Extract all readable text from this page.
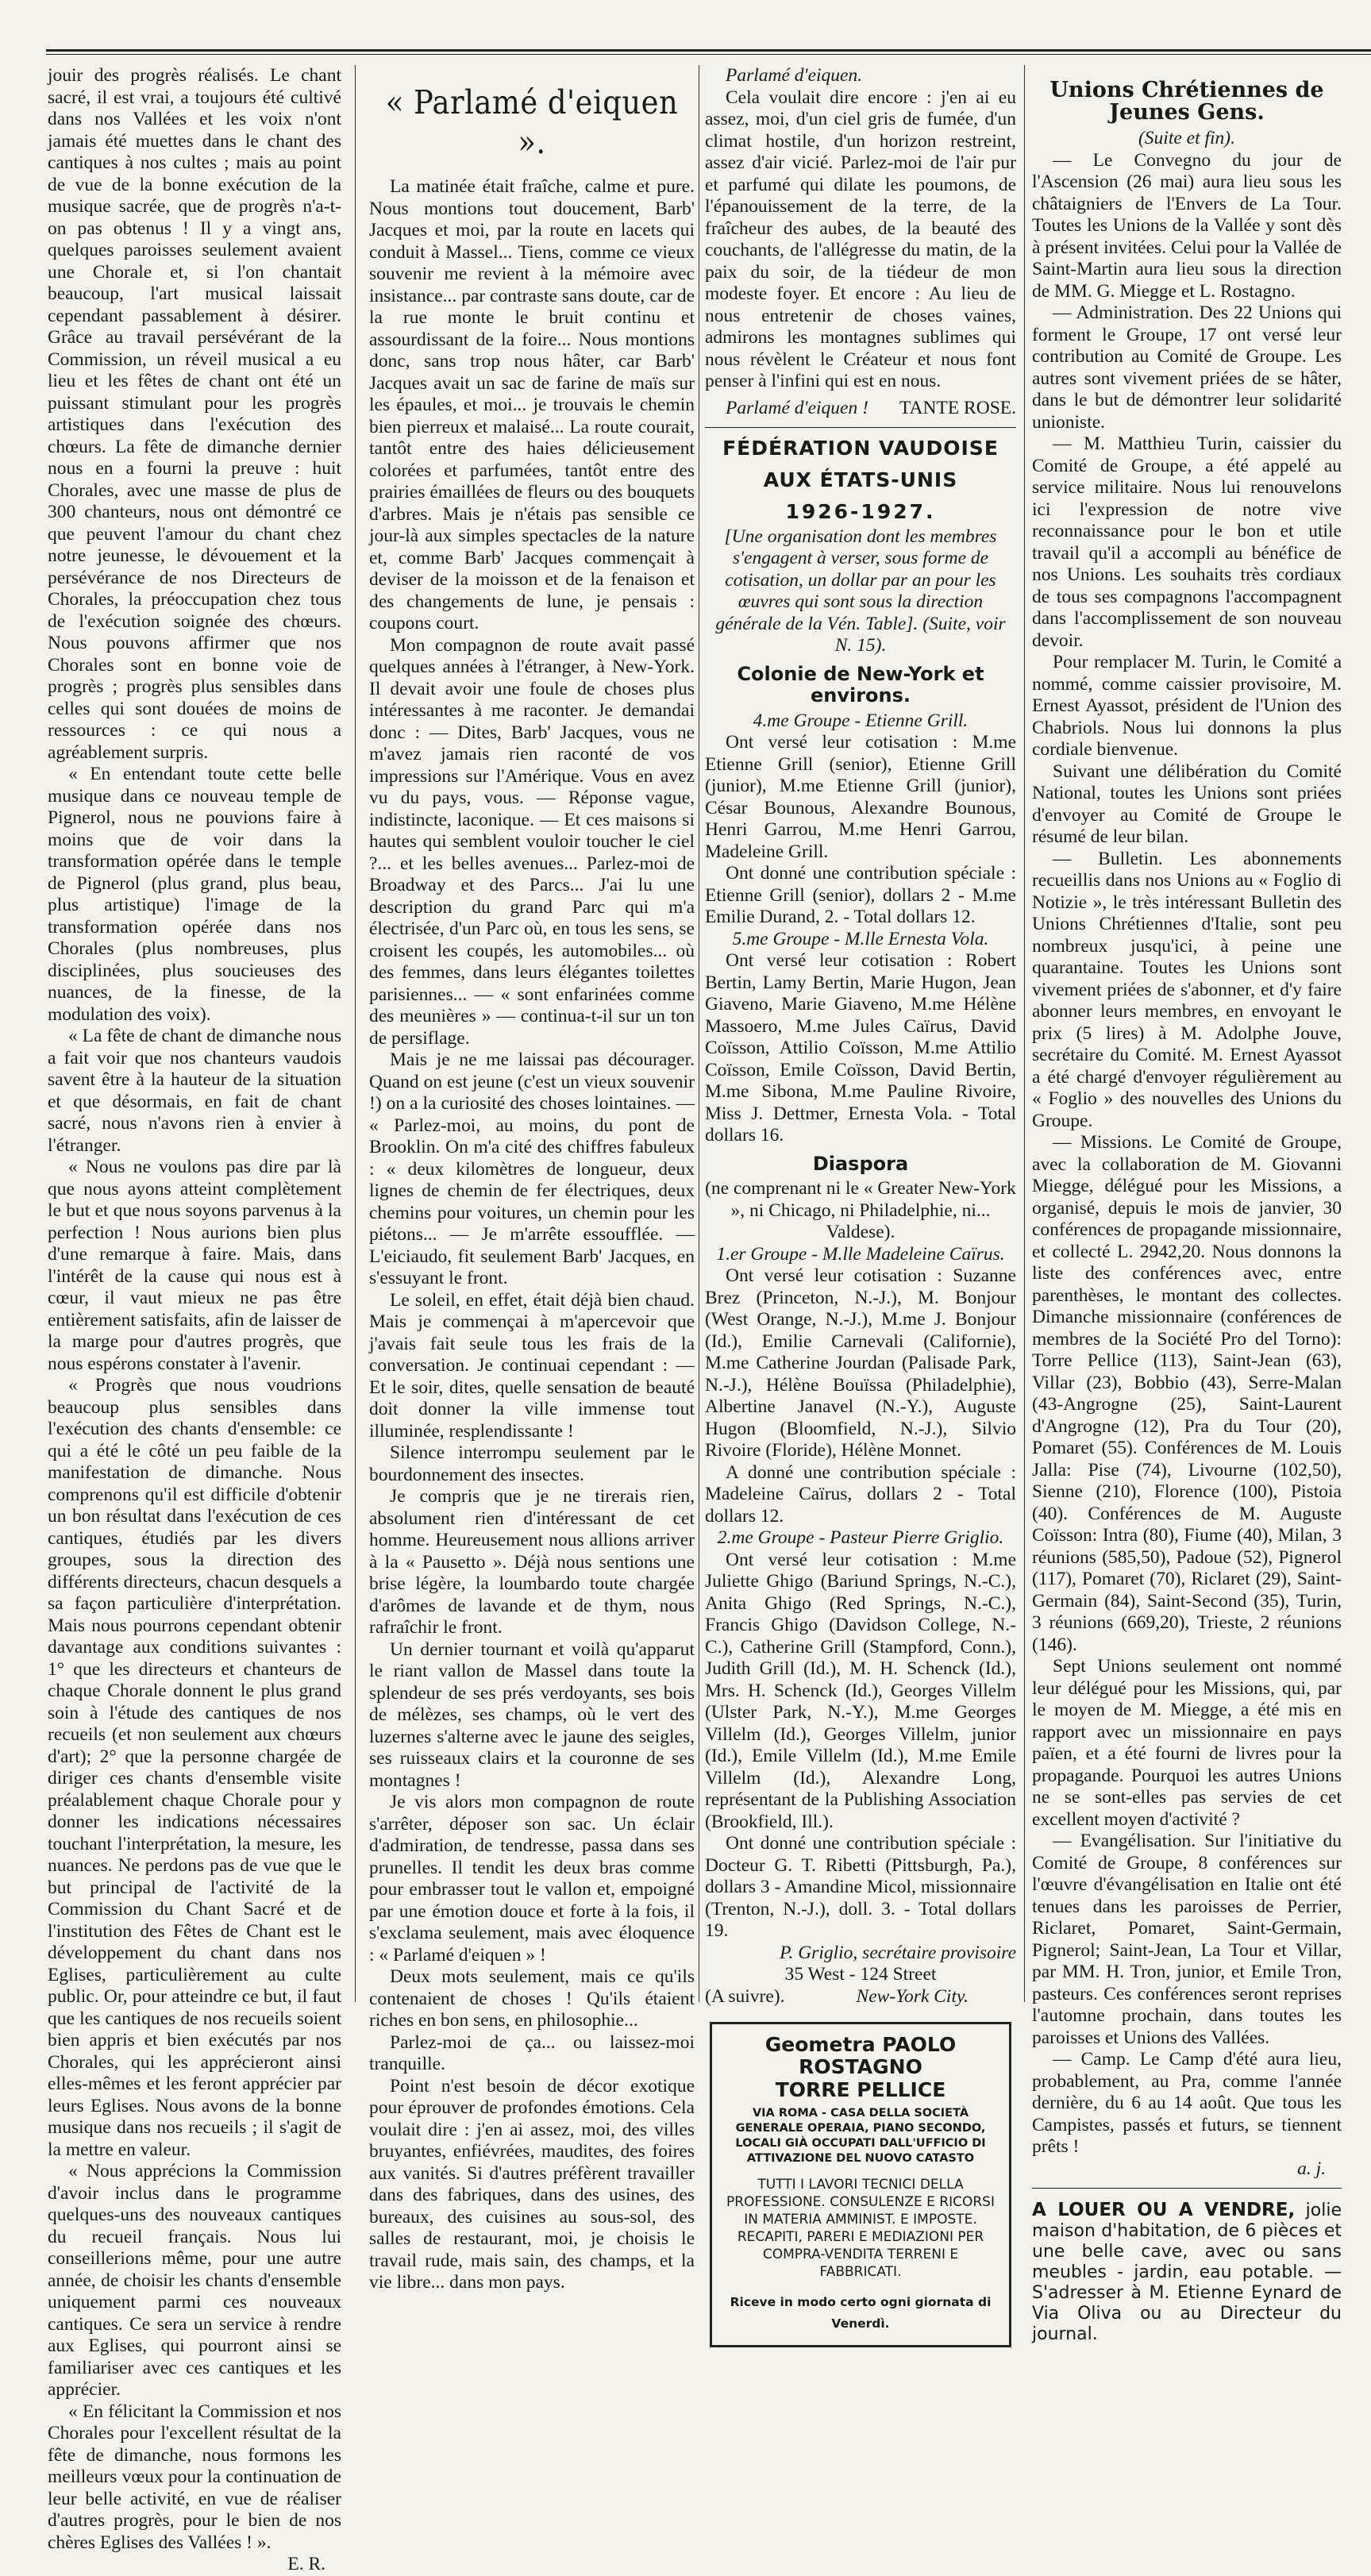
jouir des progrès réalisés. Le chant sacré, il est vrai, a toujours été cultivé dans nos Vallées et les voix n'ont jamais été muettes dans le chant des cantiques à nos cultes ; mais au point de vue de la bonne exécution de la musique sacrée, que de progrès n'a-t-on pas obtenus ! Il y a vingt ans, quelques paroisses seulement avaient une Chorale et, si l'on chantait beaucoup, l'art musical laissait cependant passablement à désirer. Grâce au travail persévérant de la Commission, un réveil musical a eu lieu et les fêtes de chant ont été un puissant stimulant pour les progrès artistiques dans l'exécution des chœurs. La fête de dimanche dernier nous en a fourni la preuve : huit Chorales, avec une masse de plus de 300 chanteurs, nous ont démontré ce que peuvent l'amour du chant chez notre jeunesse, le dévouement et la persévérance de nos Directeurs de Chorales, la préoccupation chez tous de l'exécution soignée des chœurs. Nous pouvons affirmer que nos Chorales sont en bonne voie de progrès ; progrès plus sensibles dans celles qui sont douées de moins de ressources : ce qui nous a agréablement surpris.

« En entendant toute cette belle musique dans ce nouveau temple de Pignerol, nous ne pouvions faire à moins que de voir dans la transformation opérée dans le temple de Pignerol (plus grand, plus beau, plus artistique) l'image de la transformation opérée dans nos Chorales (plus nombreuses, plus disciplinées, plus soucieuses des nuances, de la finesse, de la modulation des voix).

« La fête de chant de dimanche nous a fait voir que nos chanteurs vaudois savent être à la hauteur de la situation et que désormais, en fait de chant sacré, nous n'avons rien à envier à l'étranger.

« Nous ne voulons pas dire par là que nous ayons atteint complètement le but et que nous soyons parvenus à la perfection ! Nous aurions bien plus d'une remarque à faire. Mais, dans l'intérêt de la cause qui nous est à cœur, il vaut mieux ne pas être entièrement satisfaits, afin de laisser de la marge pour d'autres progrès, que nous espérons constater à l'avenir.

« Progrès que nous voudrions beaucoup plus sensibles dans l'exécution des chants d'ensemble: ce qui a été le côté un peu faible de la manifestation de dimanche. Nous comprenons qu'il est difficile d'obtenir un bon résultat dans l'exécution de ces cantiques, étudiés par les divers groupes, sous la direction des différents directeurs, chacun desquels a sa façon particulière d'interprétation. Mais nous pourrons cependant obtenir davantage aux conditions suivantes : 1° que les directeurs et chanteurs de chaque Chorale donnent le plus grand soin à l'étude des cantiques de nos recueils (et non seulement aux chœurs d'art); 2° que la personne chargée de diriger ces chants d'ensemble visite préalablement chaque Chorale pour y donner les indications nécessaires touchant l'interprétation, la mesure, les nuances. Ne perdons pas de vue que le but principal de l'activité de la Commission du Chant Sacré et de l'institution des Fêtes de Chant est le développement du chant dans nos Eglises, particulièrement au culte public. Or, pour atteindre ce but, il faut que les cantiques de nos recueils soient bien appris et bien exécutés par nos Chorales, qui les apprécieront ainsi elles-mêmes et les feront apprécier par leurs Eglises. Nous avons de la bonne musique dans nos recueils ; il s'agit de la mettre en valeur.

« Nous apprécions la Commission d'avoir inclus dans le programme quelques-uns des nouveaux cantiques du recueil français. Nous lui conseillerions même, pour une autre année, de choisir les chants d'ensemble uniquement parmi ces nouveaux cantiques. Ce sera un service à rendre aux Eglises, qui pourront ainsi se familiariser avec ces cantiques et les apprécier.

« En félicitant la Commission et nos Chorales pour l'excellent résultat de la fête de dimanche, nous formons les meilleurs vœux pour la continuation de leur belle activité, en vue de réaliser d'autres progrès, pour le bien de nos chères Eglises des Vallées ! ».

E. R.

« Parlamé d'eiquen ».

La matinée était fraîche, calme et pure. Nous montions tout doucement, Barb' Jacques et moi, par la route en lacets qui conduit à Massel... Tiens, comme ce vieux souvenir me revient à la mémoire avec insistance... par contraste sans doute, car de la rue monte le bruit continu et assourdissant de la foire... Nous montions donc, sans trop nous hâter, car Barb' Jacques avait un sac de farine de maïs sur les épaules, et moi... je trouvais le chemin bien pierreux et malaisé... La route courait, tantôt entre des haies délicieusement colorées et parfumées, tantôt entre des prairies émaillées de fleurs ou des bouquets d'arbres. Mais je n'étais pas sensible ce jour-là aux simples spectacles de la nature et, comme Barb' Jacques commençait à deviser de la moisson et de la fenaison et des changements de lune, je pensais : coupons court.

Mon compagnon de route avait passé quelques années à l'étranger, à New-York. Il devait avoir une foule de choses plus intéressantes à me raconter. Je demandai donc : — Dites, Barb' Jacques, vous ne m'avez jamais rien raconté de vos impressions sur l'Amérique. Vous en avez vu du pays, vous. — Réponse vague, indistincte, laconique. — Et ces maisons si hautes qui semblent vouloir toucher le ciel ?... et les belles avenues... Parlez-moi de Broadway et des Parcs... J'ai lu une description du grand Parc qui m'a électrisée, d'un Parc où, en tous les sens, se croisent les coupés, les automobiles... où des femmes, dans leurs élégantes toilettes parisiennes... — « sont enfarinées comme des meunières » — continua-t-il sur un ton de persiflage.

Mais je ne me laissai pas décourager. Quand on est jeune (c'est un vieux souvenir !) on a la curiosité des choses lointaines. — « Parlez-moi, au moins, du pont de Brooklin. On m'a cité des chiffres fabuleux : « deux kilomètres de longueur, deux lignes de chemin de fer électriques, deux chemins pour voitures, un chemin pour les piétons... — Je m'arrête essoufflée. — L'eiciaudo, fit seulement Barb' Jacques, en s'essuyant le front.

Le soleil, en effet, était déjà bien chaud. Mais je commençai à m'apercevoir que j'avais fait seule tous les frais de la conversation. Je continuai cependant : — Et le soir, dites, quelle sensation de beauté doit donner la ville immense tout illuminée, resplendissante !

Silence interrompu seulement par le bourdonnement des insectes.

Je compris que je ne tirerais rien, absolument rien d'intéressant de cet homme. Heureusement nous allions arriver à la « Pausetto ». Déjà nous sentions une brise légère, la loumbardo toute chargée d'arômes de lavande et de thym, nous rafraîchir le front.

Un dernier tournant et voilà qu'apparut le riant vallon de Massel dans toute la splendeur de ses prés verdoyants, ses bois de mélèzes, ses champs, où le vert des luzernes s'alterne avec le jaune des seigles, ses ruisseaux clairs et la couronne de ses montagnes !

Je vis alors mon compagnon de route s'arrêter, déposer son sac. Un éclair d'admiration, de tendresse, passa dans ses prunelles. Il tendit les deux bras comme pour embrasser tout le vallon et, empoigné par une émotion douce et forte à la fois, il s'exclama seulement, mais avec éloquence : « Parlamé d'eiquen » !

Deux mots seulement, mais ce qu'ils contenaient de choses ! Qu'ils étaient riches en bon sens, en philosophie...

Parlez-moi de ça... ou laissez-moi tranquille.

Point n'est besoin de décor exotique pour éprouver de profondes émotions. Cela voulait dire : j'en ai assez, moi, des villes bruyantes, enfiévrées, maudites, des foires aux vanités. Si d'autres préfèrent travailler dans des fabriques, dans des usines, des bureaux, des cuisines au sous-sol, des salles de restaurant, moi, je choisis le travail rude, mais sain, des champs, et la vie libre... dans mon pays.

Parlamé d'eiquen.

Cela voulait dire encore : j'en ai eu assez, moi, d'un ciel gris de fumée, d'un climat hostile, d'un horizon restreint, assez d'air vicié. Parlez-moi de l'air pur et parfumé qui dilate les poumons, de l'épanouissement de la terre, de la fraîcheur des aubes, de la beauté des couchants, de l'allégresse du matin, de la paix du soir, de la tiédeur de mon modeste foyer. Et encore : Au lieu de nous entretenir de choses vaines, admirons les montagnes sublimes qui nous révèlent le Créateur et nous font penser à l'infini qui est en nous.

Parlamé d'eiquen ! TANTE ROSE.
FÉDÉRATION VAUDOISE
AUX ÉTATS-UNIS
1926-1927.

[Une organisation dont les membres s'engagent à verser, sous forme de cotisation, un dollar par an pour les œuvres qui sont sous la direction générale de la Vén. Table]. (Suite, voir N. 15).

Colonie de New-York et environs.

4.me Groupe - Etienne Grill.

Ont versé leur cotisation : M.me Etienne Grill (senior), Etienne Grill (junior), M.me Etienne Grill (junior), César Bounous, Alexandre Bounous, Henri Garrou, M.me Henri Garrou, Madeleine Grill.

Ont donné une contribution spéciale : Etienne Grill (senior), dollars 2 - M.me Emilie Durand, 2. - Total dollars 12.

5.me Groupe - M.lle Ernesta Vola.

Ont versé leur cotisation : Robert Bertin, Lamy Bertin, Marie Hugon, Jean Giaveno, Marie Giaveno, M.me Hélène Massoero, M.me Jules Caïrus, David Coïsson, Attilio Coïsson, M.me Attilio Coïsson, Emile Coïsson, David Bertin, M.me Sibona, M.me Pauline Rivoire, Miss J. Dettmer, Ernesta Vola. - Total dollars 16.

Diaspora

(ne comprenant ni le « Greater New-York », ni Chicago, ni Philadelphie, ni... Valdese).

1.er Groupe - M.lle Madeleine Caïrus.

Ont versé leur cotisation : Suzanne Brez (Princeton, N.-J.), M. Bonjour (West Orange, N.-J.), M.me J. Bonjour (Id.), Emilie Carnevali (Californie), M.me Catherine Jourdan (Palisade Park, N.-J.), Hélène Bouïssa (Philadelphie), Albertine Janavel (N.-Y.), Auguste Hugon (Bloomfield, N.-J.), Silvio Rivoire (Floride), Hélène Monnet.

A donné une contribution spéciale : Madeleine Caïrus, dollars 2 - Total dollars 12.

2.me Groupe - Pasteur Pierre Griglio.

Ont versé leur cotisation : M.me Juliette Ghigo (Bariund Springs, N.-C.), Anita Ghigo (Red Springs, N.-C.), Francis Ghigo (Davidson College, N.-C.), Catherine Grill (Stampford, Conn.), Judith Grill (Id.), M. H. Schenck (Id.), Mrs. H. Schenck (Id.), Georges Villelm (Ulster Park, N.-Y.), M.me Georges Villelm (Id.), Georges Villelm, junior (Id.), Emile Villelm (Id.), M.me Emile Villelm (Id.), Alexandre Long, représentant de la Publishing Association (Brookfield, Ill.).

Ont donné une contribution spéciale : Docteur G. T. Ribetti (Pittsburgh, Pa.), dollars 3 - Amandine Micol, missionnaire (Trenton, N.-J.), doll. 3. - Total dollars 19.

P. Griglio, secrétaire provisoire

35 West - 124 Street

(A suivre).	New-York City.
Geometra PAOLO ROSTAGNO
TORRE PELLICE
VIA ROMA - CASA DELLA SOCIETÀ GENERALE OPERAIA, PIANO SECONDO, LOCALI GIÀ OCCUPATI DALL'UFFICIO DI ATTIVAZIONE DEL NUOVO CATASTO
TUTTI I LAVORI TECNICI DELLA PROFESSIONE. CONSULENZE E RICORSI IN MATERIA AMMINIST. E IMPOSTE. RECAPITI, PARERI E MEDIAZIONI PER COMPRA-VENDITA TERRENI E FABBRICATI.
Riceve in modo certo ogni giornata di Venerdì.
Unions Chrétiennes de Jeunes Gens.

(Suite et fin).

— Le Convegno du jour de l'Ascension (26 mai) aura lieu sous les châtaigniers de l'Envers de La Tour. Toutes les Unions de la Vallée y sont dès à présent invitées. Celui pour la Vallée de Saint-Martin aura lieu sous la direction de MM. G. Miegge et L. Rostagno.

— Administration. Des 22 Unions qui forment le Groupe, 17 ont versé leur contribution au Comité de Groupe. Les autres sont vivement priées de se hâter, dans le but de démontrer leur solidarité unioniste.

— M. Matthieu Turin, caissier du Comité de Groupe, a été appelé au service militaire. Nous lui renouvelons ici l'expression de notre vive reconnaissance pour le bon et utile travail qu'il a accompli au bénéfice de nos Unions. Les souhaits très cordiaux de tous ses compagnons l'accompagnent dans l'accomplissement de son nouveau devoir.

Pour remplacer M. Turin, le Comité a nommé, comme caissier provisoire, M. Ernest Ayassot, président de l'Union des Chabriols. Nous lui donnons la plus cordiale bienvenue.

Suivant une délibération du Comité National, toutes les Unions sont priées d'envoyer au Comité de Groupe le résumé de leur bilan.

— Bulletin. Les abonnements recueillis dans nos Unions au « Foglio di Notizie », le très intéressant Bulletin des Unions Chrétiennes d'Italie, sont peu nombreux jusqu'ici, à peine une quarantaine. Toutes les Unions sont vivement priées de s'abonner, et d'y faire abonner leurs membres, en envoyant le prix (5 lires) à M. Adolphe Jouve, secrétaire du Comité. M. Ernest Ayassot a été chargé d'envoyer régulièrement au « Foglio » des nouvelles des Unions du Groupe.

— Missions. Le Comité de Groupe, avec la collaboration de M. Giovanni Miegge, délégué pour les Missions, a organisé, depuis le mois de janvier, 30 conférences de propagande missionnaire, et collecté L. 2942,20. Nous donnons la liste des conférences avec, entre parenthèses, le montant des collectes. Dimanche missionnaire (conférences de membres de la Société Pro del Torno): Torre Pellice (113), Saint-Jean (63), Villar (23), Bobbio (43), Serre-Malan (43-Angrogne (25), Saint-Laurent d'Angrogne (12), Pra du Tour (20), Pomaret (55). Conférences de M. Louis Jalla: Pise (74), Livourne (102,50), Sienne (210), Florence (100), Pistoia (40). Conférences de M. Auguste Coïsson: Intra (80), Fiume (40), Milan, 3 réunions (585,50), Padoue (52), Pignerol (117), Pomaret (70), Riclaret (29), Saint-Germain (84), Saint-Second (35), Turin, 3 réunions (669,20), Trieste, 2 réunions (146).

Sept Unions seulement ont nommé leur délégué pour les Missions, qui, par le moyen de M. Miegge, a été mis en rapport avec un missionnaire en pays païen, et a été fourni de livres pour la propagande. Pourquoi les autres Unions ne se sont-elles pas servies de cet excellent moyen d'activité ?

— Evangélisation. Sur l'initiative du Comité de Groupe, 8 conférences sur l'œuvre d'évangélisation en Italie ont été tenues dans les paroisses de Perrier, Riclaret, Pomaret, Saint-Germain, Pignerol; Saint-Jean, La Tour et Villar, par MM. H. Tron, junior, et Emile Tron, pasteurs. Ces conférences seront reprises l'automne prochain, dans toutes les paroisses et Unions des Vallées.

— Camp. Le Camp d'été aura lieu, probablement, au Pra, comme l'année dernière, du 6 au 14 août. Que tous les Campistes, passés et futurs, se tiennent prêts !

a. j.

A LOUER OU A VENDRE, jolie maison d'habitation, de 6 pièces et une belle cave, avec ou sans meubles - jardin, eau potable. — S'adresser à M. Etienne Eynard de Via Oliva ou au Directeur du journal.
